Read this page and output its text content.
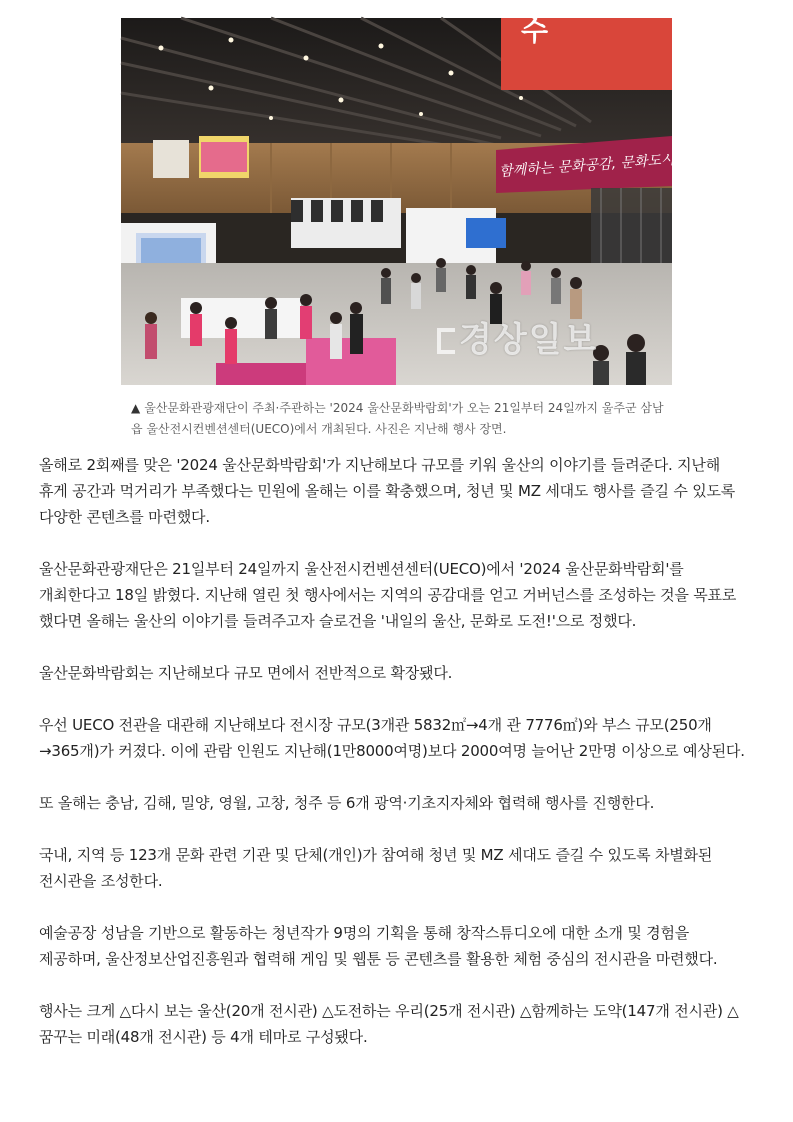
수
함께하는 문화공감, 문화도시 울산
경상일보

▲ 울산문화관광재단이 주최·주관하는 '2024 울산문화박람회'가 오는 21일부터 24일까지 울주군 삼남읍 울산전시컨벤션센터(UECO)에서 개최된다. 사진은 지난해 행사 장면.

올해로 2회째를 맞은 '2024 울산문화박람회'가 지난해보다 규모를 키워 울산의 이야기를 들려준다. 지난해 휴게 공간과 먹거리가 부족했다는 민원에 올해는 이를 확충했으며, 청년 및 MZ 세대도 행사를 즐길 수 있도록 다양한 콘텐츠를 마련했다.

울산문화관광재단은 21일부터 24일까지 울산전시컨벤션센터(UECO)에서 '2024 울산문화박람회'를 개최한다고 18일 밝혔다. 지난해 열린 첫 행사에서는 지역의 공감대를 얻고 거버넌스를 조성하는 것을 목표로 했다면 올해는 울산의 이야기를 들려주고자 슬로건을 '내일의 울산, 문화로 도전!'으로 정했다.

울산문화박람회는 지난해보다 규모 면에서 전반적으로 확장됐다.

우선 UECO 전관을 대관해 지난해보다 전시장 규모(3개관 5832㎡→4개 관 7776㎡)와 부스 규모(250개→365개)가 커졌다. 이에 관람 인원도 지난해(1만8000여명)보다 2000여명 늘어난 2만명 이상으로 예상된다.

또 올해는 충남, 김해, 밀양, 영월, 고창, 청주 등 6개 광역·기초지자체와 협력해 행사를 진행한다.

국내, 지역 등 123개 문화 관련 기관 및 단체(개인)가 참여해 청년 및 MZ 세대도 즐길 수 있도록 차별화된 전시관을 조성한다.

예술공장 성남을 기반으로 활동하는 청년작가 9명의 기획을 통해 창작스튜디오에 대한 소개 및 경험을 제공하며, 울산정보산업진흥원과 협력해 게임 및 웹툰 등 콘텐츠를 활용한 체험 중심의 전시관을 마련했다.

행사는 크게 △다시 보는 울산(20개 전시관) △도전하는 우리(25개 전시관) △함께하는 도약(147개 전시관) △꿈꾸는 미래(48개 전시관) 등 4개 테마로 구성됐다.
